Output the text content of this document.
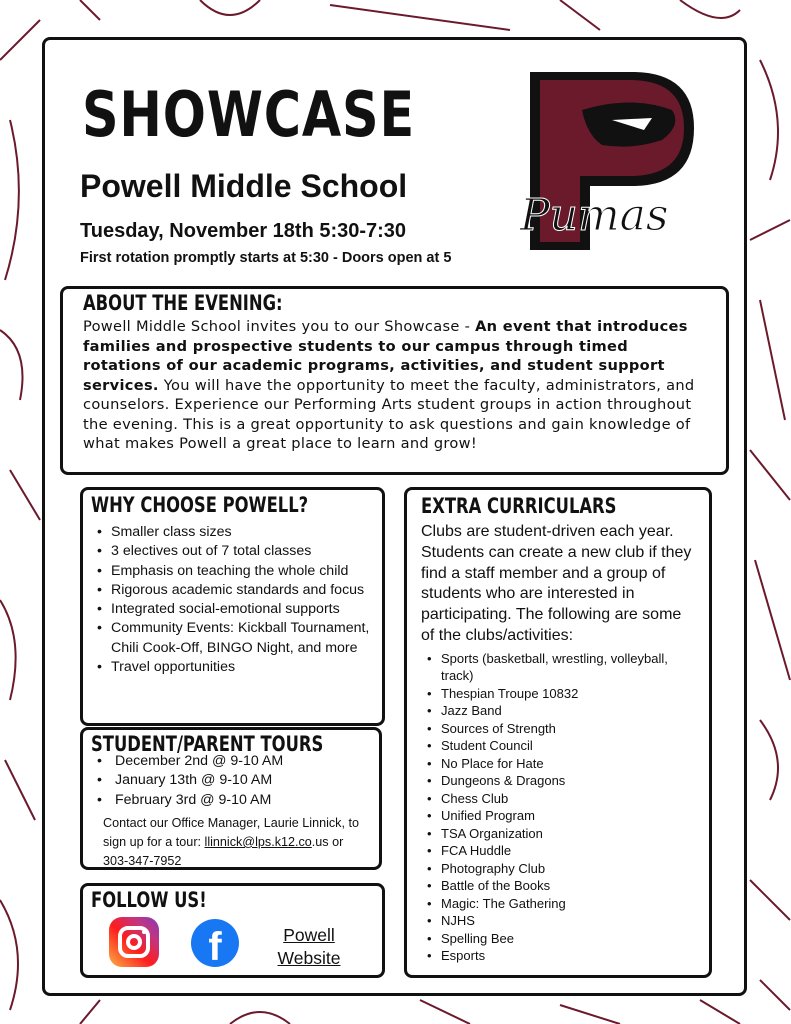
SHOWCASE
Powell Middle School
Tuesday, November 18th 5:30-7:30
First rotation promptly starts at 5:30 - Doors open at 5
Pumas
ABOUT THE EVENING:

Powell Middle School invites you to our Showcase - An event that introduces families and prospective students to our campus through timed rotations of our academic programs, activities, and student support services. You will have the opportunity to meet the faculty, administrators, and counselors. Experience our Performing Arts student groups in action throughout the evening. This is a great opportunity to ask questions and gain knowledge of what makes Powell a great place to learn and grow!

WHY CHOOSE POWELL?
• Smaller class sizes
• 3 electives out of 7 total classes
• Emphasis on teaching the whole child
• Rigorous academic standards and focus
• Integrated social-emotional supports
• Community Events: Kickball Tournament, Chili Cook-Off, BINGO Night, and more
• Travel opportunities
STUDENT/PARENT TOURS
• December 2nd @ 9-10 AM
• January 13th @ 9-10 AM
• February 3rd @ 9-10 AM
Contact our Office Manager, Laurie Linnick, to sign up for a tour: llinnick@lps.k12.co.us or 303-347-7952
FOLLOW US!
f	Powell
Website
EXTRA CURRICULARS

Clubs are student-driven each year. Students can create a new club if they find a staff member and a group of students who are interested in participating. The following are some of the clubs/activities:

• Sports (basketball, wrestling, volleyball, track)
• Thespian Troupe 10832
• Jazz Band
• Sources of Strength
• Student Council
• No Place for Hate
• Dungeons & Dragons
• Chess Club
• Unified Program
• TSA Organization
• FCA Huddle
• Photography Club
• Battle of the Books
• Magic: The Gathering
• NJHS
• Spelling Bee
• Esports
